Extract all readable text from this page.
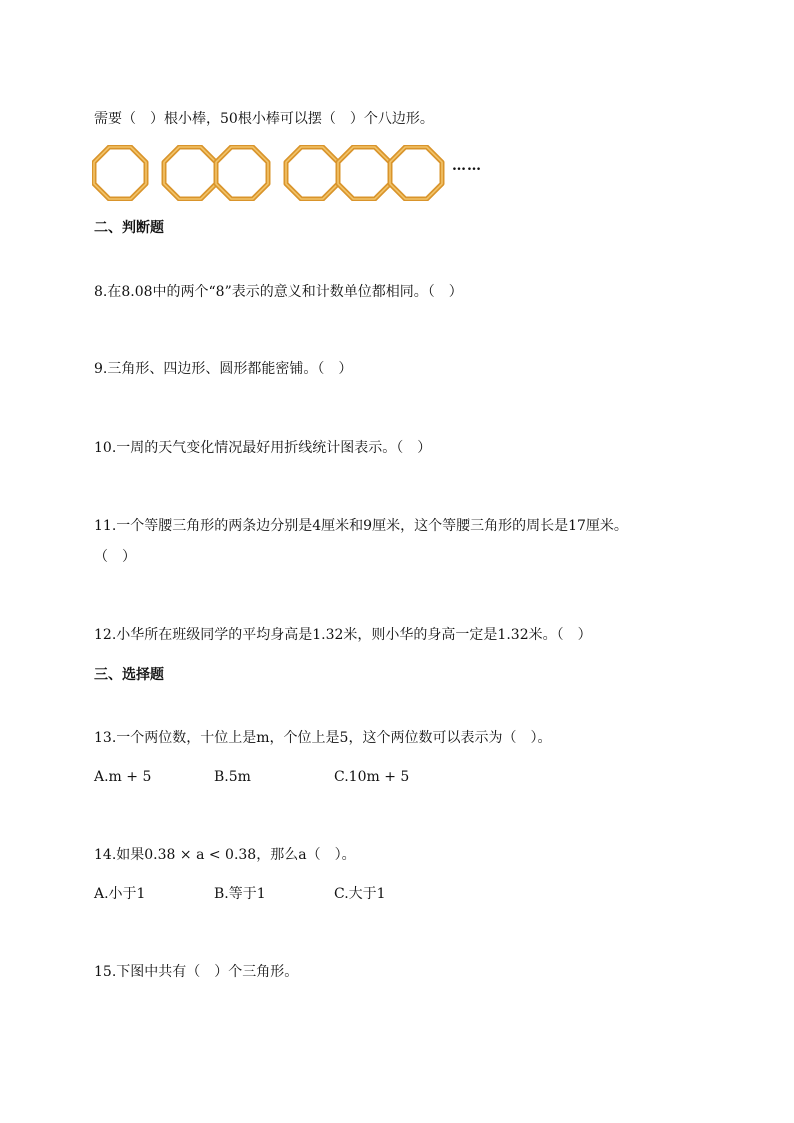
需要（　）根小棒，50根小棒可以摆（　）个八边形。
……
二、判断题
8.在8.08中的两个“8”表示的意义和计数单位都相同。（　）
9.三角形、四边形、圆形都能密铺。（　）
10.一周的天气变化情况最好用折线统计图表示。（　）
11.一个等腰三角形的两条边分别是4厘米和9厘米，这个等腰三角形的周长是17厘米。
（　）
12.小华所在班级同学的平均身高是1.32米，则小华的身高一定是1.32米。（　）
三、选择题
13.一个两位数，十位上是m，个位上是5，这个两位数可以表示为（　）。
A.m + 5	B.5m	C.10m + 5
14.如果0.38 × a < 0.38，那么a（　）。
A.小于1	B.等于1	C.大于1
15.下图中共有（　）个三角形。
